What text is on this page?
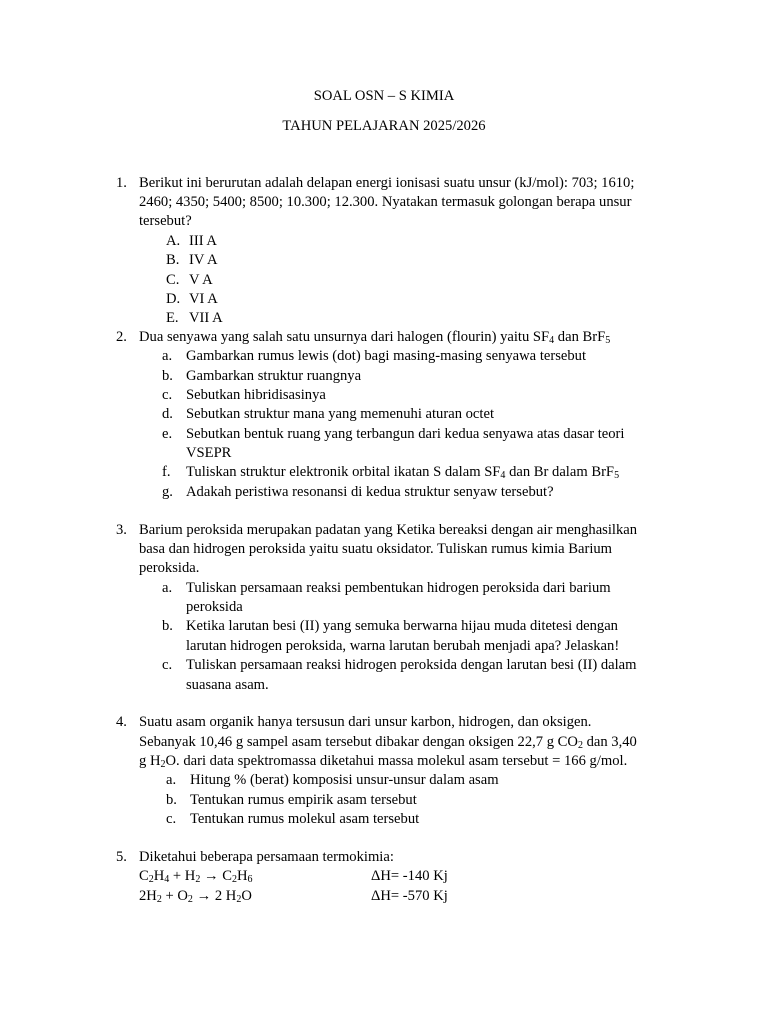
SOAL OSN – S KIMIA
TAHUN PELAJARAN 2025/2026
1. Berikut ini berurutan adalah delapan energi ionisasi suatu unsur (kJ/mol): 703; 1610;
2460; 4350; 5400; 8500; 10.300; 12.300. Nyatakan termasuk golongan berapa unsur
tersebut?
A. III A
B. IV A
C. V A
D. VI A
E. VII A
2. Dua senyawa yang salah satu unsurnya dari halogen (flourin) yaitu $SF_4$ dan BrF$_5$
a. Gambarkan rumus lewis (dot) bagi masing-masing senyawa tersebut
b. Gambarkan struktur ruangnya
c. Sebutkan hibridisasinya
d. Sebutkan struktur mana yang memenuhi aturan octet
e. Sebutkan bentuk ruang yang terbangun dari kedua senyawa atas dasar teori
VSEPR
f. Tuliskan struktur elektronik orbital ikatan S dalam $SF_4$ dan Br dalam BrF$_5$
g. Adakah peristiwa resonansi di kedua struktur senyaw tersebut?
3. Barium peroksida merupakan padatan yang Ketika bereaksi dengan air menghasilkan
basa dan hidrogen peroksida yaitu suatu oksidator. Tuliskan rumus kimia Barium
peroksida.
a. Tuliskan persamaan reaksi pembentukan hidrogen peroksida dari barium
peroksida
b. Ketika larutan besi (II) yang semuka berwarna hijau muda ditetesi dengan
larutan hidrogen peroksida, warna larutan berubah menjadi apa? Jelaskan!
c. Tuliskan persamaan reaksi hidrogen peroksida dengan larutan besi (II) dalam
suasana asam.
4. Suatu asam organik hanya tersusun dari unsur karbon, hidrogen, dan oksigen.
Sebanyak 10,46 g sampel asam tersebut dibakar dengan oksigen 22,7 g $CO_2$ dan 3,40
g $H_2O$. dari data spektromassa diketahui massa molekul asam tersebut = 166 g/mol.
a. Hitung % (berat) komposisi unsur-unsur dalam asam
b. Tentukan rumus empirik asam tersebut
c. Tentukan rumus molekul asam tersebut
5. Diketahui beberapa persamaan termokimia:
$C_2H_4 + H_2 \to C_2H_6$	ΔH= -140 Kj
$2H_2 + O_2 \to 2$ $H_2O$	ΔH= -570 Kj
